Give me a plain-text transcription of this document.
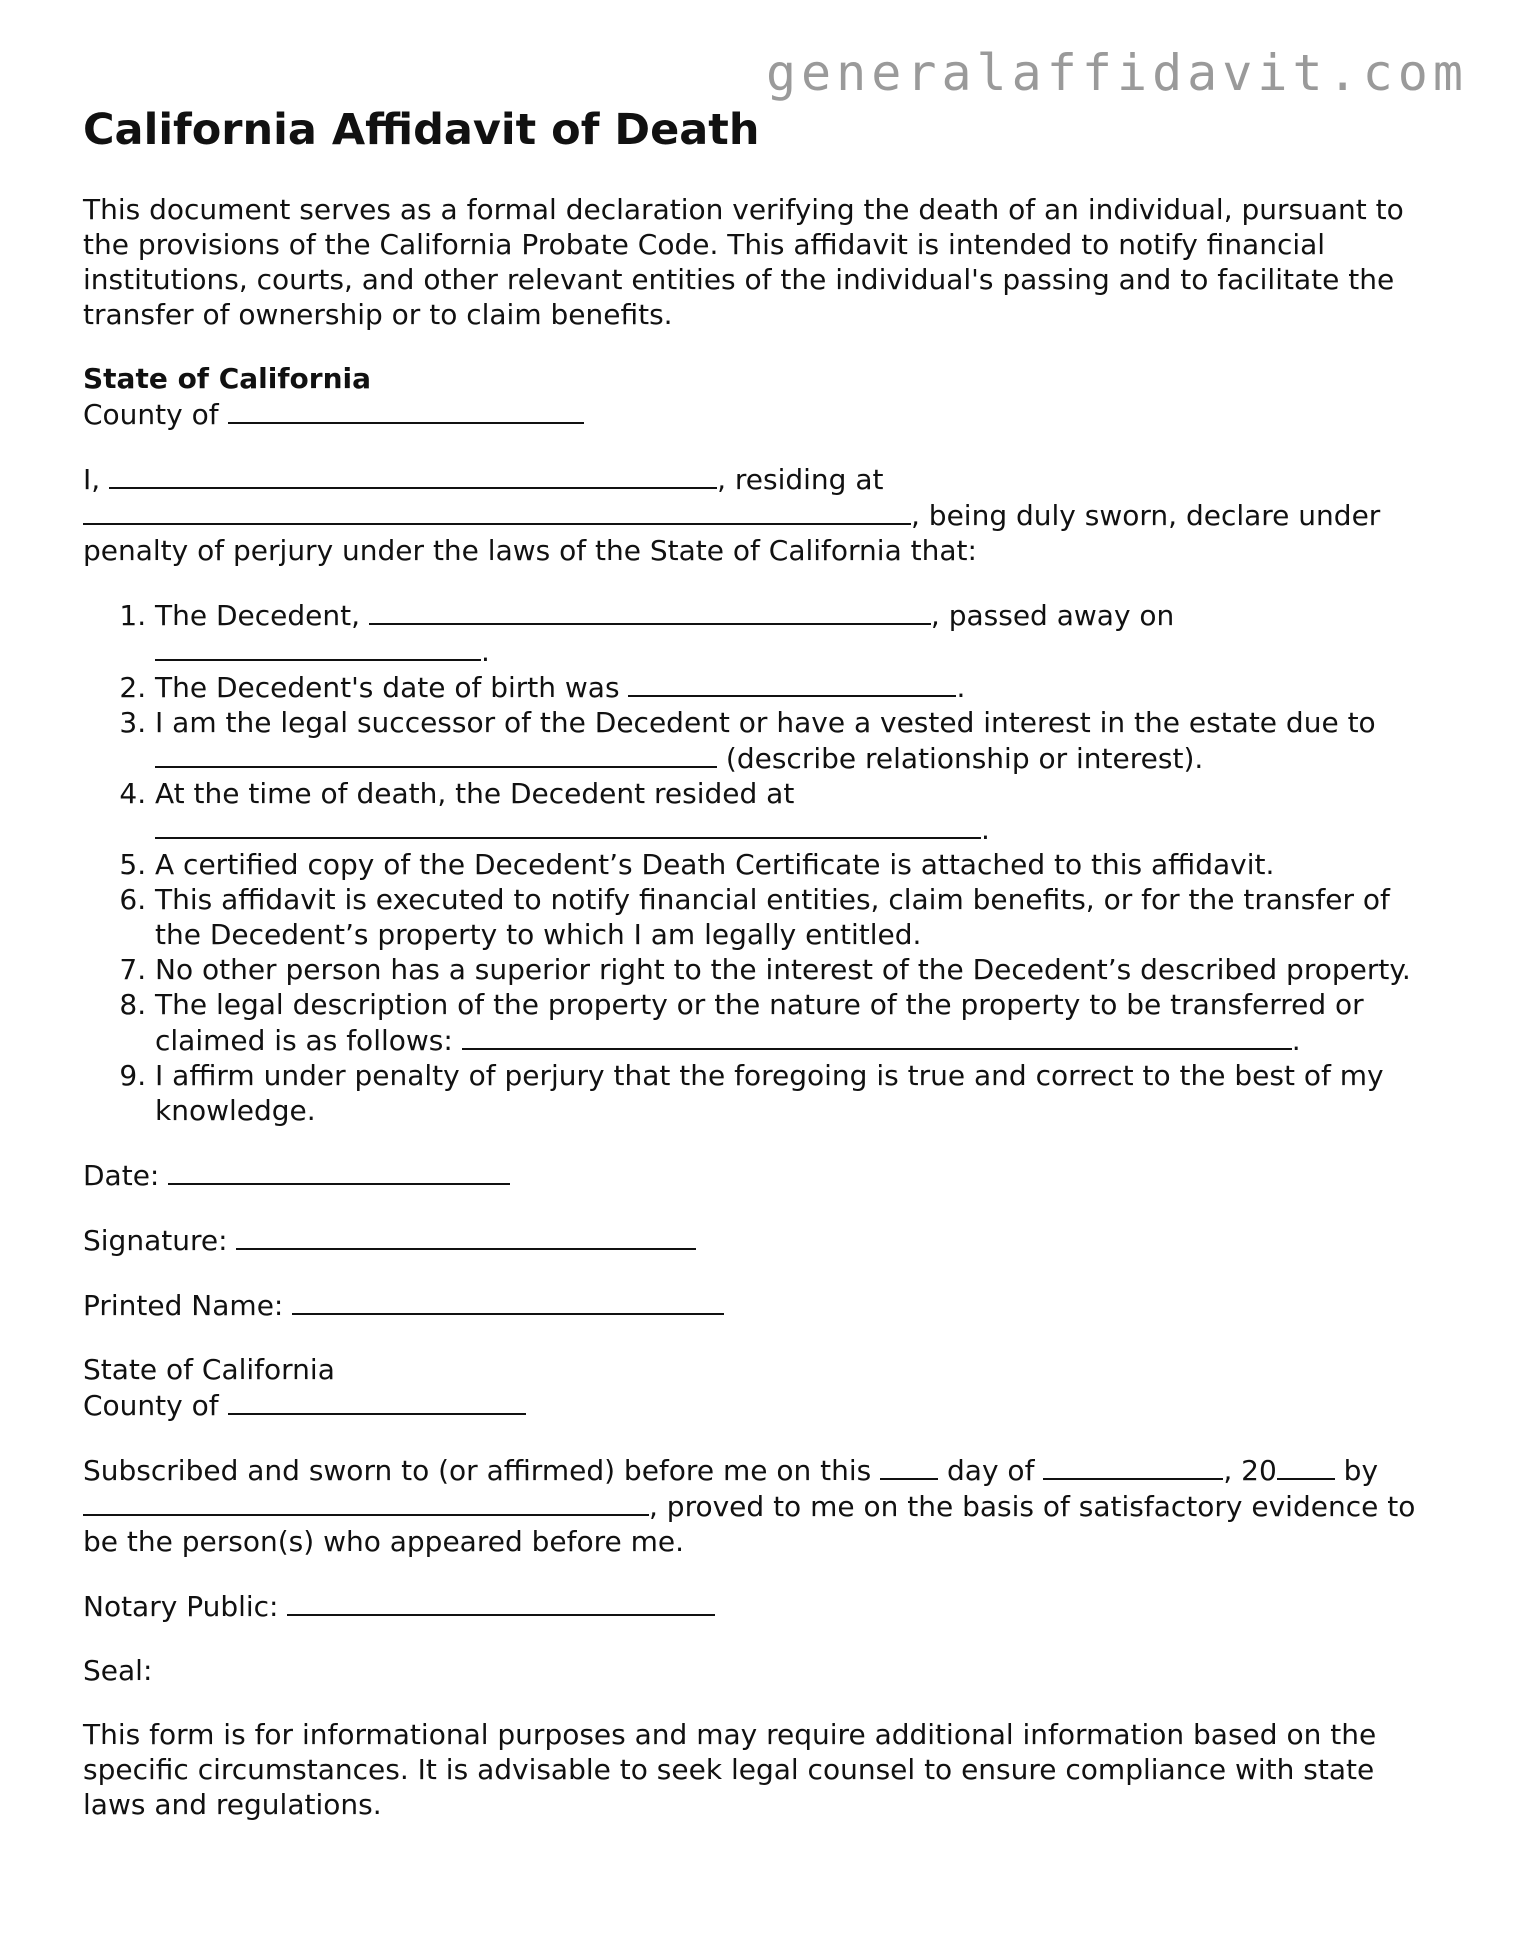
generalaffidavit.com
California Affidavit of Death

This document serves as a formal declaration verifying the death of an individual, pursuant to the provisions of the California Probate Code. This affidavit is intended to notify financial institutions, courts, and other relevant entities of the individual's passing and to facilitate the transfer of ownership or to claim benefits.

State of California
County of

I,	, residing at , being duly sworn, declare under penalty of perjury under the laws of the State of California that:

1. The Decedent,	, passed away on .
2. The Decedent's date of birth was	.
3. I am the legal successor of the Decedent or have a vested interest in the estate due to  (describe relationship or interest).
4. At the time of death, the Decedent resided at .
5. A certified copy of the Decedent’s Death Certificate is attached to this affidavit.
6. This affidavit is executed to notify financial entities, claim benefits, or for the transfer of the Decedent’s property to which I am legally entitled.
7. No other person has a superior right to the interest of the Decedent’s described property.
8. The legal description of the property or the nature of the property to be transferred or claimed is as follows:	.
9. I affirm under penalty of perjury that the foregoing is true and correct to the best of my knowledge.

Date:

Signature:

Printed Name:

State of California
County of

Subscribed and sworn to (or affirmed) before me on this	day of	, 20 by , proved to me on the basis of satisfactory evidence to be the person(s) who appeared before me.

Notary Public:

Seal:

This form is for informational purposes and may require additional information based on the specific circumstances. It is advisable to seek legal counsel to ensure compliance with state laws and regulations.
